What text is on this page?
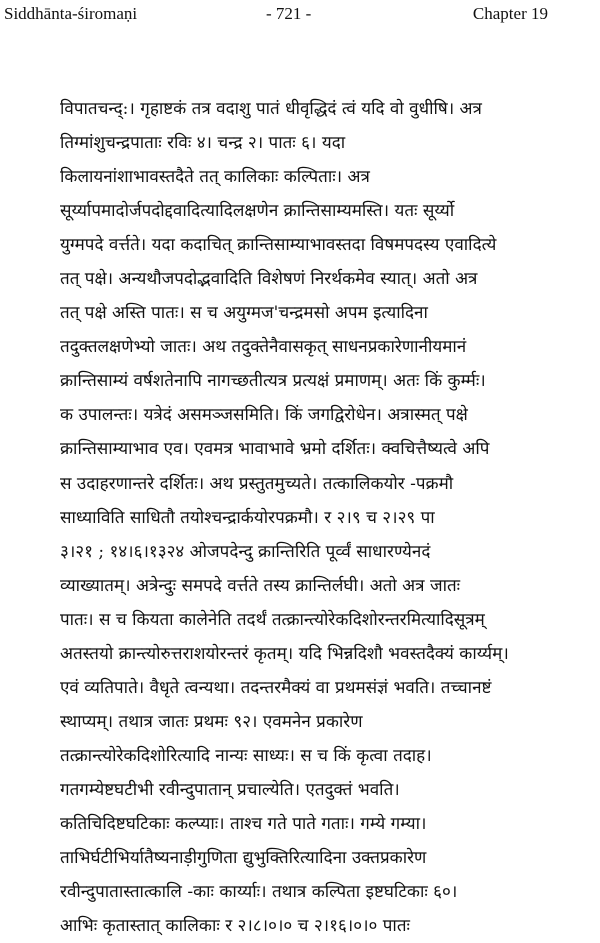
Siddhānta-śiromaṇi	- 721 -	Chapter 19
विपातचन्द्:। गृहाष्टकं तत्र वदाशु पातं धीवृद्धिदं त्वं यदि वो वुधीषि। अत्र
तिग्मांशुचन्द्रपाताः रविः ४। चन्द्र २। पातः ६। यदा
किलायनांशाभावस्तदैते तत् कालिकाः कल्पिताः। अत्र
सूर्य्यापमादोर्जपदोद्दवादित्यादिलक्षणेन क्रान्तिसाम्यमस्ति। यतः सूर्य्यो
युग्मपदे वर्त्तते। यदा कदाचित् क्रान्तिसाम्याभावस्तदा विषमपदस्य एवादित्ये
तत् पक्षे। अन्यथौजपदोद्भवादिति विशेषणं निरर्थकमेव स्यात्। अतो अत्र
तत् पक्षे अस्ति पातः। स च अयुग्मज'चन्द्रमसो अपम इत्यादिना
तदुक्तलक्षणेभ्यो जातः। अथ तदुक्तेनैवासकृत् साधनप्रकारेणानीयमानं
क्रान्तिसाम्यं वर्षशतेनापि नागच्छतीत्यत्र प्रत्यक्षं प्रमाणम्। अतः किं कुर्म्मः।
क उपालन्तः। यत्रेदं असमञ्जसमिति। किं जगद्विरोधेन। अत्रास्मत् पक्षे
क्रान्तिसाम्याभाव एव। एवमत्र भावाभावे भ्रमो दर्शितः। क्वचित्तैष्यत्वे अपि
स उदाहरणान्तरे दर्शितः। अथ प्रस्तुतमुच्यते। तत्कालिकयोर -पक्रमौ
साध्याविति साधितौ तयोश्चन्द्रार्कयोरपक्रमौ। र २।९ च २।२९ पा
३।२१ ; १४।६।१३२४ ओजपदेन्दु क्रान्तिरिति पूर्व्वं साधारण्येनदं
व्याख्यातम्। अत्रेन्दुः समपदे वर्त्तते तस्य क्रान्तिर्लघी। अतो अत्र जातः
पातः। स च कियता कालेनेति तदर्थं तत्क्रान्त्योरेकदिशोरन्तरमित्यादिसूत्रम्
अतस्तयो क्रान्त्योरुत्तराशयोरन्तरं कृतम्। यदि भिन्नदिशौ भवस्तदैक्यं कार्य्यम्।
एवं व्यतिपाते। वैधृते त्वन्यथा। तदन्तरमैक्यं वा प्रथमसंज्ञं भवति। तच्चानष्टं
स्थाप्यम्। तथात्र जातः प्रथमः ९२। एवमनेन प्रकारेण
तत्क्रान्त्योरेकदिशोरित्यादि नान्यः साध्यः। स च किं कृत्वा तदाह।
गतगम्येष्टघटीभी रवीन्दुपातान् प्रचाल्येति। एतदुक्तं भवति।
कतिचिदिष्टघटिकाः कल्प्याः। ताश्च गते पाते गताः। गम्ये गम्या।
ताभिर्घटीभिर्यातैष्यनाड़ीगुणिता द्युभुक्तिरित्यादिना उक्तप्रकारेण
रवीन्दुपातास्तात्कालि -काः कार्य्याः। तथात्र कल्पिता इष्टघटिकाः ६०।
आभिः कृतास्तात् कालिकाः र २।८।०।० च २।१६।०।० पातः
